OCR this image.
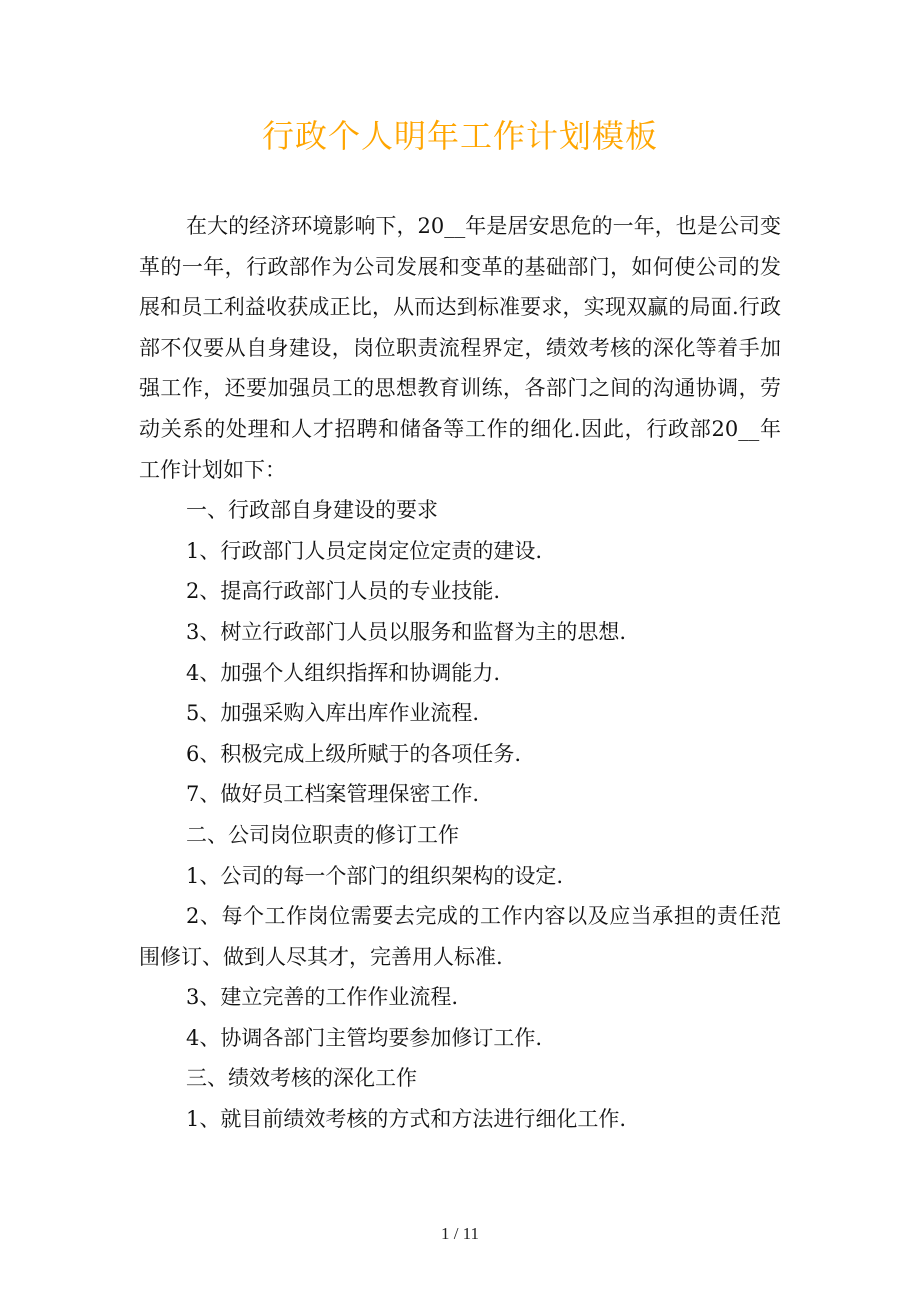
行政个人明年工作计划模板

在大的经济环境影响下，20__年是居安思危的一年，也是公司变革的一年，行政部作为公司发展和变革的基础部门，如何使公司的发展和员工利益收获成正比，从而达到标准要求，实现双赢的局面.行政部不仅要从自身建设，岗位职责流程界定，绩效考核的深化等着手加强工作，还要加强员工的思想教育训练，各部门之间的沟通协调，劳动关系的处理和人才招聘和储备等工作的细化.因此，行政部20__年工作计划如下：

一、行政部自身建设的要求

1、行政部门人员定岗定位定责的建设.

2、提高行政部门人员的专业技能.

3、树立行政部门人员以服务和监督为主的思想.

4、加强个人组织指挥和协调能力.

5、加强采购入库出库作业流程.

6、积极完成上级所赋于的各项任务.

7、做好员工档案管理保密工作.

二、公司岗位职责的修订工作

1、公司的每一个部门的组织架构的设定.

2、每个工作岗位需要去完成的工作内容以及应当承担的责任范围修订、做到人尽其才，完善用人标准.

3、建立完善的工作作业流程.

4、协调各部门主管均要参加修订工作.

三、绩效考核的深化工作

1、就目前绩效考核的方式和方法进行细化工作.

1 / 11
